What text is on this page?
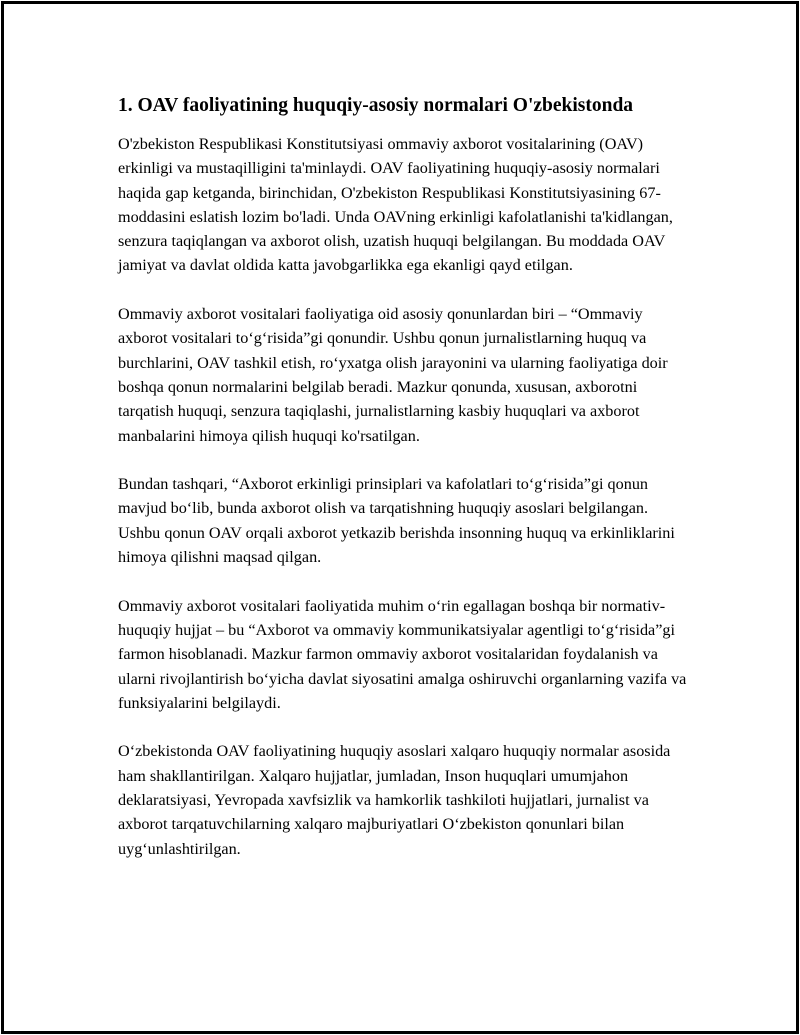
1. OAV faoliyatining huquqiy-asosiy normalari O'zbekistonda

O'zbekiston Respublikasi Konstitutsiyasi ommaviy axborot vositalarining (OAV) erkinligi va mustaqilligini ta'minlaydi. OAV faoliyatining huquqiy-asosiy normalari haqida gap ketganda, birinchidan, O'zbekiston Respublikasi Konstitutsiyasining 67-moddasini eslatish lozim bo'ladi. Unda OAVning erkinligi kafolatlanishi ta'kidlangan, senzura taqiqlangan va axborot olish, uzatish huquqi belgilangan. Bu moddada OAV jamiyat va davlat oldida katta javobgarlikka ega ekanligi qayd etilgan.

Ommaviy axborot vositalari faoliyatiga oid asosiy qonunlardan biri – “Ommaviy axborot vositalari to‘g‘risida”gi qonundir. Ushbu qonun jurnalistlarning huquq va burchlarini, OAV tashkil etish, ro‘yxatga olish jarayonini va ularning faoliyatiga doir boshqa qonun normalarini belgilab beradi. Mazkur qonunda, xususan, axborotni tarqatish huquqi, senzura taqiqlashi, jurnalistlarning kasbiy huquqlari va axborot manbalarini himoya qilish huquqi ko'rsatilgan.

Bundan tashqari, “Axborot erkinligi prinsiplari va kafolatlari to‘g‘risida”gi qonun mavjud bo‘lib, bunda axborot olish va tarqatishning huquqiy asoslari belgilangan. Ushbu qonun OAV orqali axborot yetkazib berishda insonning huquq va erkinliklarini himoya qilishni maqsad qilgan.

Ommaviy axborot vositalari faoliyatida muhim o‘rin egallagan boshqa bir normativ-huquqiy hujjat – bu “Axborot va ommaviy kommunikatsiyalar agentligi to‘g‘risida”gi farmon hisoblanadi. Mazkur farmon ommaviy axborot vositalaridan foydalanish va ularni rivojlantirish bo‘yicha davlat siyosatini amalga oshiruvchi organlarning vazifa va funksiyalarini belgilaydi.

O‘zbekistonda OAV faoliyatining huquqiy asoslari xalqaro huquqiy normalar asosida ham shakllantirilgan. Xalqaro hujjatlar, jumladan, Inson huquqlari umumjahon deklaratsiyasi, Yevropada xavfsizlik va hamkorlik tashkiloti hujjatlari, jurnalist va axborot tarqatuvchilarning xalqaro majburiyatlari O‘zbekiston qonunlari bilan uyg‘unlashtirilgan.
